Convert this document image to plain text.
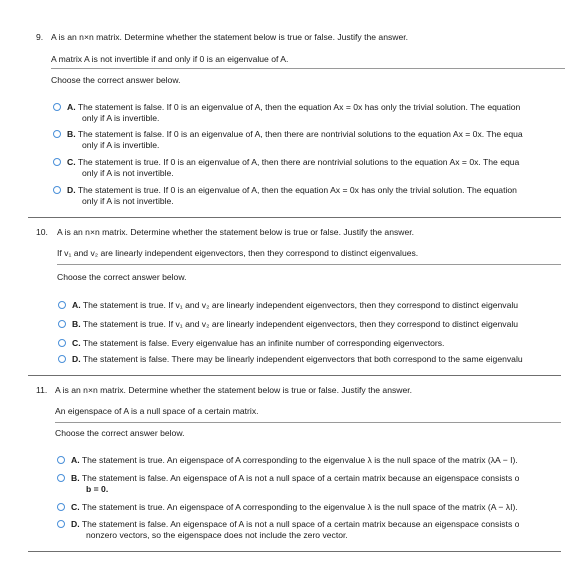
9. A is an n×n matrix. Determine whether the statement below is true or false. Justify the answer.
A matrix A is not invertible if and only if 0 is an eigenvalue of A.
Choose the correct answer below.
A. The statement is false. If 0 is an eigenvalue of A, then the equation Ax = 0x has only the trivial solution. The equation
only if A is invertible.
B. The statement is false. If 0 is an eigenvalue of A, then there are nontrivial solutions to the equation Ax = 0x. The equa
only if A is invertible.
C. The statement is true. If 0 is an eigenvalue of A, then there are nontrivial solutions to the equation Ax = 0x. The equa
only if A is not invertible.
D. The statement is true. If 0 is an eigenvalue of A, then the equation Ax = 0x has only the trivial solution. The equation
only if A is not invertible.
10. A is an n×n matrix. Determine whether the statement below is true or false. Justify the answer.
If v₁ and v₂ are linearly independent eigenvectors, then they correspond to distinct eigenvalues.
Choose the correct answer below.
A. The statement is true. If v₁ and v₂ are linearly independent eigenvectors, then they correspond to distinct eigenvalu
B. The statement is true. If v₁ and v₂ are linearly independent eigenvectors, then they correspond to distinct eigenvalu
C. The statement is false. Every eigenvalue has an infinite number of corresponding eigenvectors.
D. The statement is false. There may be linearly independent eigenvectors that both correspond to the same eigenvalu
11. A is an n×n matrix. Determine whether the statement below is true or false. Justify the answer.
An eigenspace of A is a null space of a certain matrix.
Choose the correct answer below.
A. The statement is true. An eigenspace of A corresponding to the eigenvalue λ is the null space of the matrix (λA − I).
B. The statement is false. An eigenspace of A is not a null space of a certain matrix because an eigenspace consists o
b = 0.
C. The statement is true. An eigenspace of A corresponding to the eigenvalue λ is the null space of the matrix (A − λI).
D. The statement is false. An eigenspace of A is not a null space of a certain matrix because an eigenspace consists o
nonzero vectors, so the eigenspace does not include the zero vector.
